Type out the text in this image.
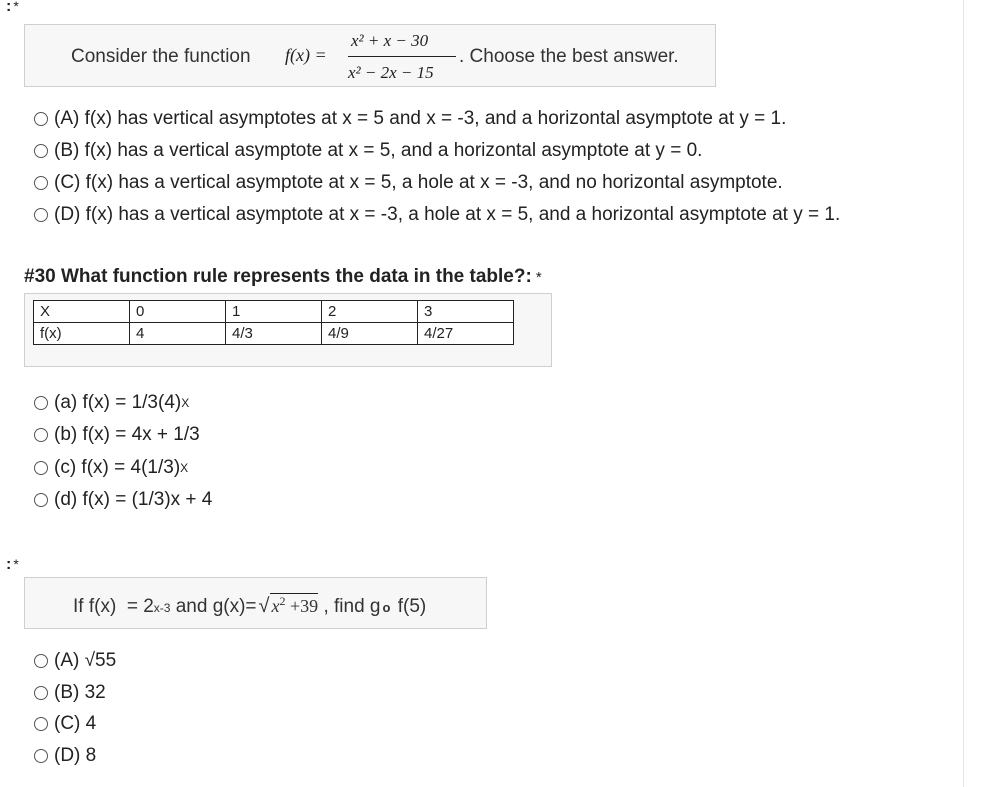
: *
Consider the function f(x) =
x² + x − 30
x² − 2x − 15
. Choose the best answer.
(A) f(x) has vertical asymptotes at x = 5 and x = -3, and a horizontal asymptote at y = 1.
(B) f(x) has a vertical asymptote at x = 5, and a horizontal asymptote at y = 0.
(C) f(x) has a vertical asymptote at x = 5, a hole at x = -3, and no horizontal asymptote.
(D) f(x) has a vertical asymptote at x = -3, a hole at x = 5, and a horizontal asymptote at y = 1.
#30 What function rule represents the data in the table?: *
X	0	1	2	3
f(x)	4	4/3	4/9	4/27
(a) f(x) = 1/3(4) X
(b) f(x) = 4x + 1/3
(c) f(x) = 4(1/3) X
(d) f(x) = (1/3)x + 4
: *
If f(x)  = 2 x-3 and g(x)= √ $x^2 +39$ , find g o f(5)
(A) √55
(B) 32
(C) 4
(D) 8
